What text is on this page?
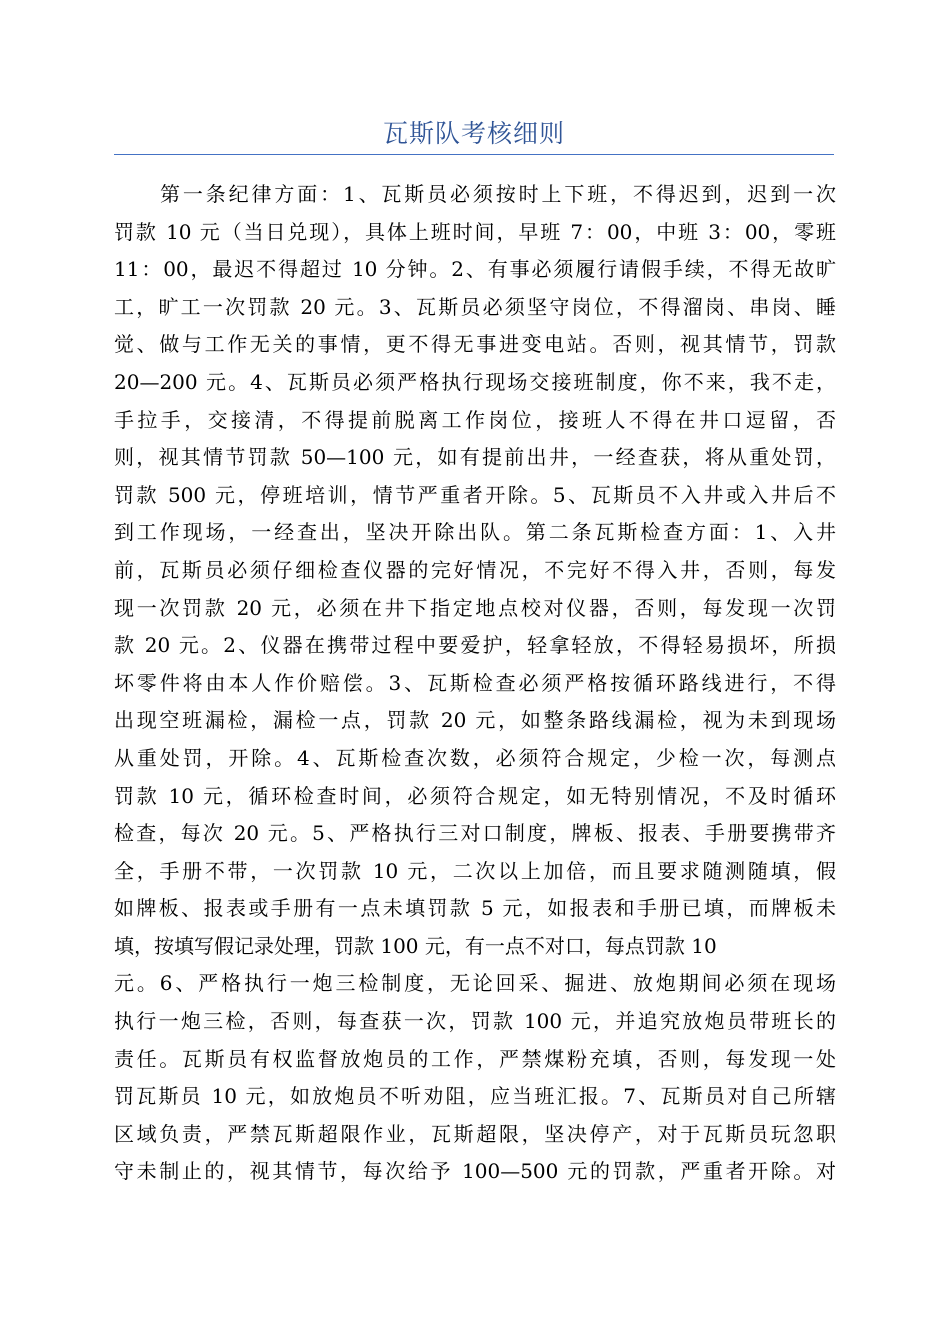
瓦斯队考核细则
第一条纪律方面：1、瓦斯员必须按时上下班，不得迟到，迟到一次
罚款 10 元（当日兑现），具体上班时间，早班 7：00，中班 3：00，零班
11：00，最迟不得超过 10 分钟。2、有事必须履行请假手续，不得无故旷
工，旷工一次罚款 20 元。3、瓦斯员必须坚守岗位，不得溜岗、串岗、睡
觉、做与工作无关的事情，更不得无事进变电站。否则，视其情节，罚款
20—200 元。4、瓦斯员必须严格执行现场交接班制度，你不来，我不走，
手拉手，交接清，不得提前脱离工作岗位，接班人不得在井口逗留，否
则，视其情节罚款 50—100 元，如有提前出井，一经查获，将从重处罚，
罚款 500 元，停班培训，情节严重者开除。5、瓦斯员不入井或入井后不
到工作现场，一经查出，坚决开除出队。第二条瓦斯检查方面：1、入井
前，瓦斯员必须仔细检查仪器的完好情况，不完好不得入井，否则，每发
现一次罚款 20 元，必须在井下指定地点校对仪器，否则，每发现一次罚
款 20 元。2、仪器在携带过程中要爱护，轻拿轻放，不得轻易损坏，所损
坏零件将由本人作价赔偿。3、瓦斯检查必须严格按循环路线进行，不得
出现空班漏检，漏检一点，罚款 20 元，如整条路线漏检，视为未到现场
从重处罚，开除。4、瓦斯检查次数，必须符合规定，少检一次，每测点
罚款 10 元，循环检查时间，必须符合规定，如无特别情况，不及时循环
检查，每次 20 元。5、严格执行三对口制度，牌板、报表、手册要携带齐
全，手册不带，一次罚款 10 元，二次以上加倍，而且要求随测随填，假
如牌板、报表或手册有一点未填罚款 5 元，如报表和手册已填，而牌板未
填，按填写假记录处理，罚款 100 元，有一点不对口，每点罚款 10
元。6、严格执行一炮三检制度，无论回采、掘进、放炮期间必须在现场
执行一炮三检，否则，每查获一次，罚款 100 元，并追究放炮员带班长的
责任。瓦斯员有权监督放炮员的工作，严禁煤粉充填，否则，每发现一处
罚瓦斯员 10 元，如放炮员不听劝阻，应当班汇报。7、瓦斯员对自己所辖
区域负责，严禁瓦斯超限作业，瓦斯超限，坚决停产，对于瓦斯员玩忽职
守未制止的，视其情节，每次给予 100—500 元的罚款，严重者开除。对
